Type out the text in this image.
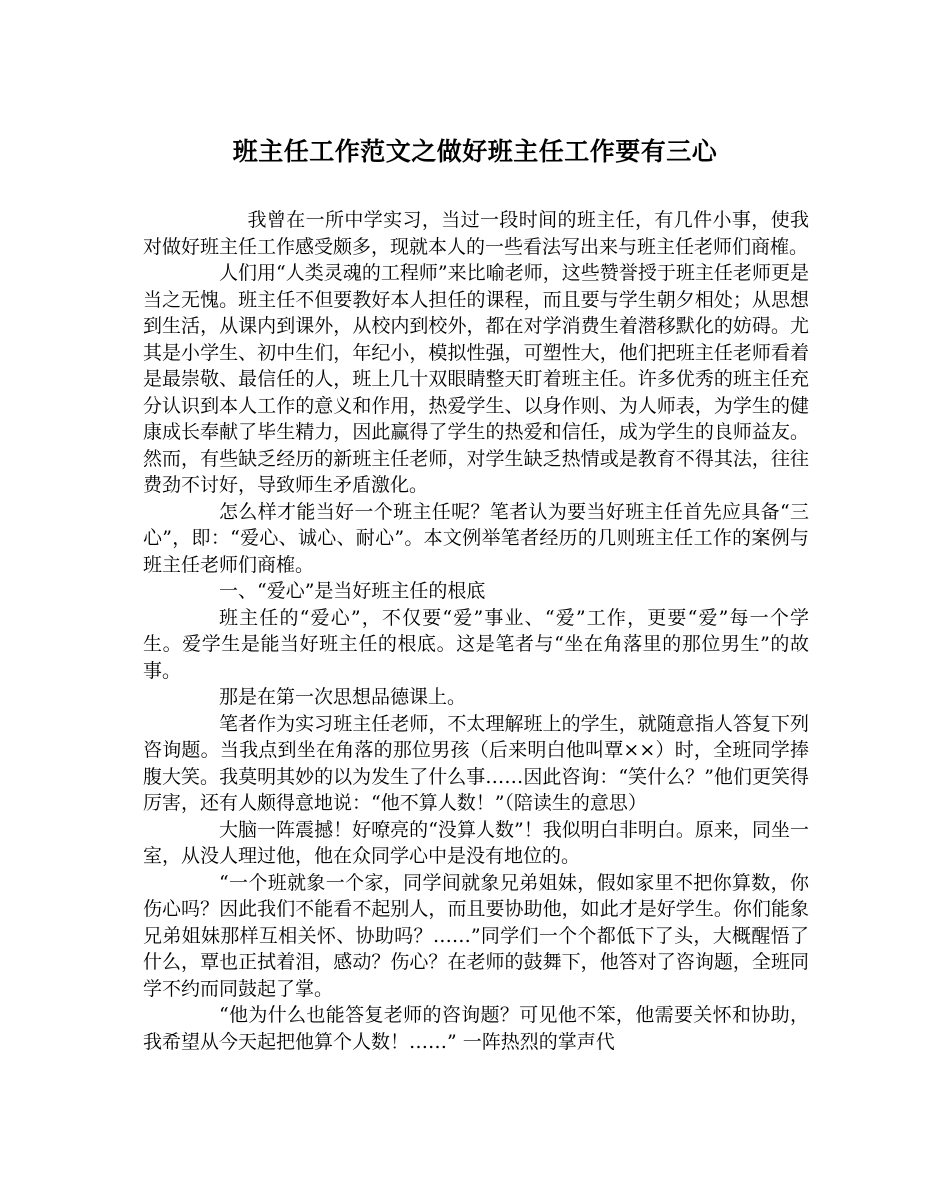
班主任工作范文之做好班主任工作要有三心

我曾在一所中学实习，当过一段时间的班主任，有几件小事，使我对做好班主任工作感受颇多，现就本人的一些看法写出来与班主任老师们商榷。

人们用“人类灵魂的工程师”来比喻老师，这些赞誉授于班主任老师更是当之无愧。班主任不但要教好本人担任的课程，而且要与学生朝夕相处；从思想到生活，从课内到课外，从校内到校外，都在对学消费生着潜移默化的妨碍。尤其是小学生、初中生们，年纪小，模拟性强，可塑性大，他们把班主任老师看着是最崇敬、最信任的人，班上几十双眼睛整天盯着班主任。许多优秀的班主任充分认识到本人工作的意义和作用，热爱学生、以身作则、为人师表，为学生的健康成长奉献了毕生精力，因此赢得了学生的热爱和信任，成为学生的良师益友。然而，有些缺乏经历的新班主任老师，对学生缺乏热情或是教育不得其法，往往费劲不讨好，导致师生矛盾激化。

怎么样才能当好一个班主任呢？笔者认为要当好班主任首先应具备“三心”，即：“爱心、诚心、耐心”。本文例举笔者经历的几则班主任工作的案例与班主任老师们商榷。

一、“爱心”是当好班主任的根底

班主任的“爱心”，不仅要“爱”事业、“爱”工作，更要“爱”每一个学生。爱学生是能当好班主任的根底。这是笔者与“坐在角落里的那位男生”的故事。

那是在第一次思想品德课上。

笔者作为实习班主任老师，不太理解班上的学生，就随意指人答复下列咨询题。当我点到坐在角落的那位男孩（后来明白他叫覃××）时，全班同学捧腹大笑。我莫明其妙的以为发生了什么事……因此咨询：“笑什么？”他们更笑得厉害，还有人颇得意地说：“他不算人数！”（陪读生的意思）

大脑一阵震撼！好嘹亮的“没算人数”！我似明白非明白。原来，同坐一室，从没人理过他，他在众同学心中是没有地位的。

“一个班就象一个家，同学间就象兄弟姐妹，假如家里不把你算数，你伤心吗？因此我们不能看不起别人，而且要协助他，如此才是好学生。你们能象兄弟姐妹那样互相关怀、协助吗？……”同学们一个个都低下了头，大概醒悟了什么，覃也正拭着泪，感动？伤心？在老师的鼓舞下，他答对了咨询题，全班同学不约而同鼓起了掌。

“他为什么也能答复老师的咨询题？可见他不笨，他需要关怀和协助，我希望从今天起把他算个人数！……” 一阵热烈的掌声代
